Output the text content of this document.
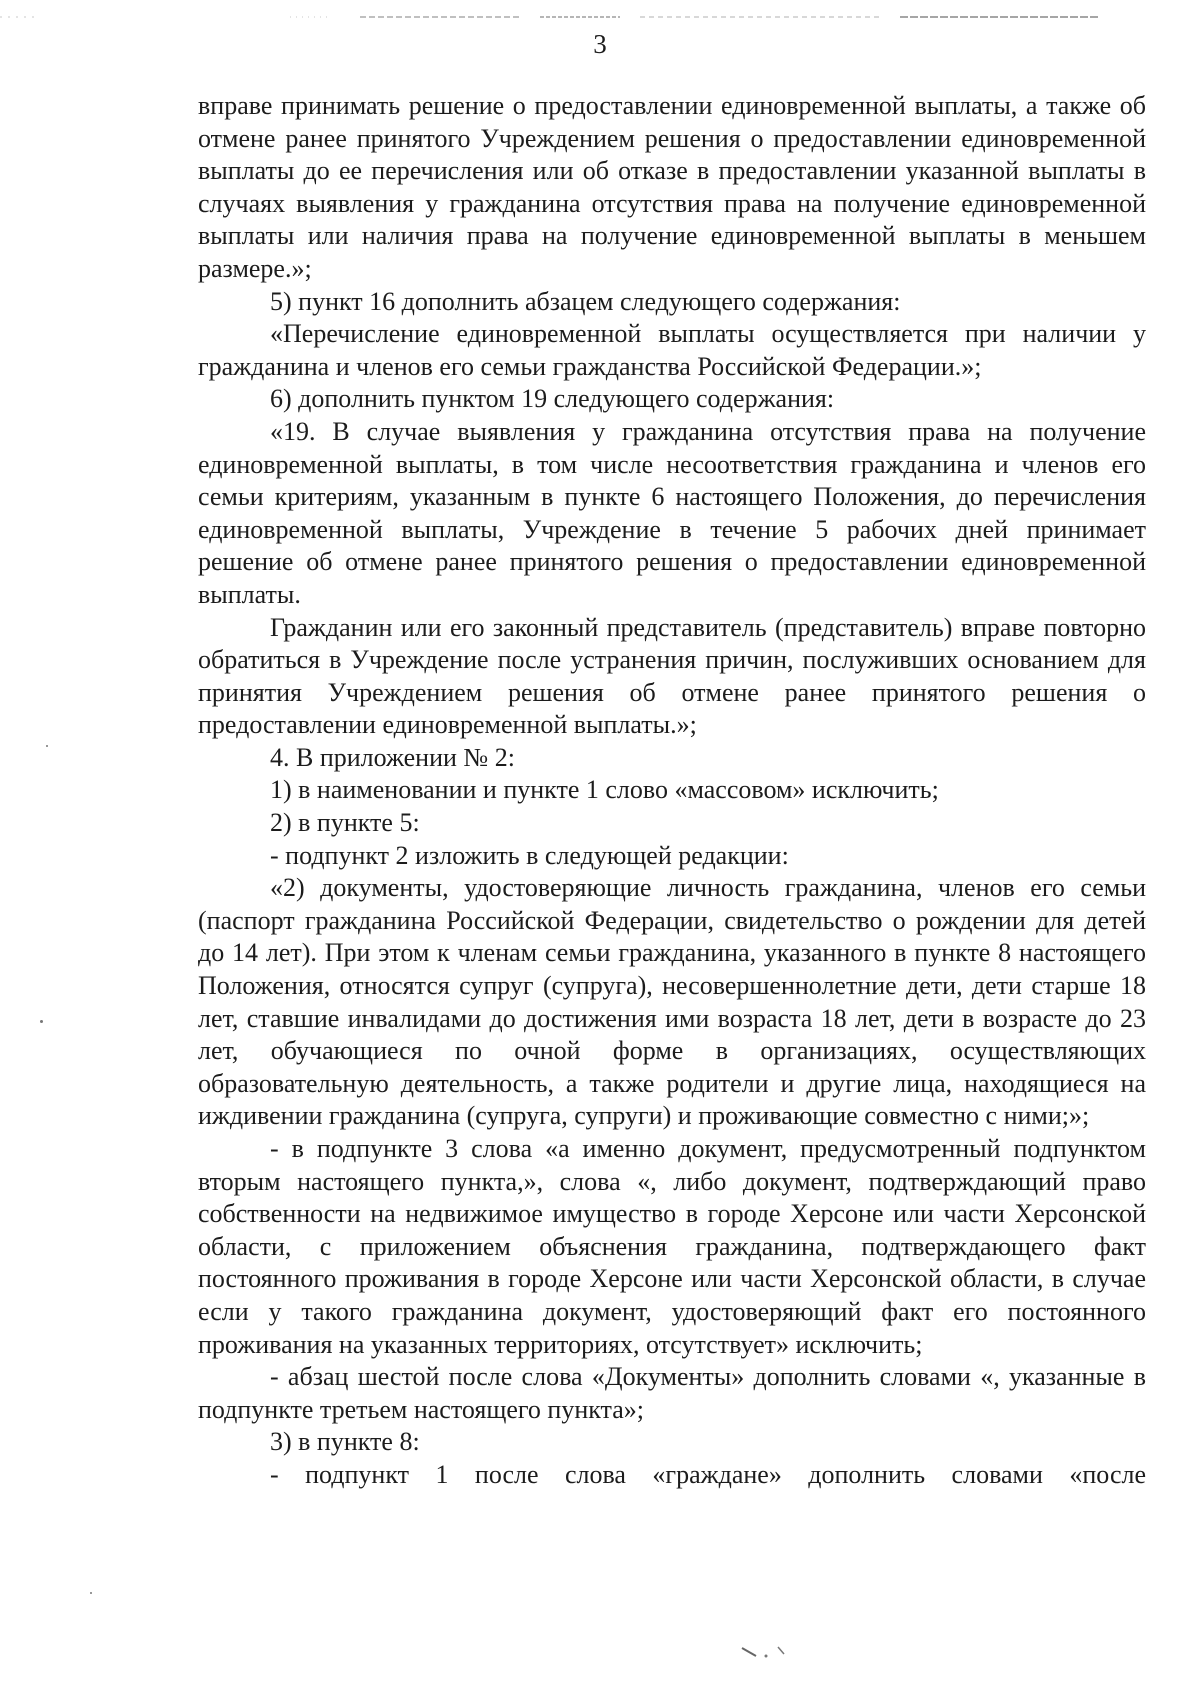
3

вправе принимать решение о предоставлении единовременной выплаты, а также об отмене ранее принятого Учреждением решения о предоставлении единовременной выплаты до ее перечисления или об отказе в предоставлении указанной выплаты в случаях выявления у гражданина отсутствия права на получение единовременной выплаты или наличия права на получение единовременной выплаты в меньшем размере.»;

5) пункт 16 дополнить абзацем следующего содержания:

«Перечисление единовременной выплаты осуществляется при наличии у гражданина и членов его семьи гражданства Российской Федерации.»;

6) дополнить пунктом 19 следующего содержания:

«19. В случае выявления у гражданина отсутствия права на получение единовременной выплаты, в том числе несоответствия гражданина и членов его семьи критериям, указанным в пункте 6 настоящего Положения, до перечисления единовременной выплаты, Учреждение в течение 5 рабочих дней принимает решение об отмене ранее принятого решения о предоставлении единовременной выплаты.

Гражданин или его законный представитель (представитель) вправе повторно обратиться в Учреждение после устранения причин, послуживших основанием для принятия Учреждением решения об отмене ранее принятого решения о предоставлении единовременной выплаты.»;

4. В приложении № 2:

1) в наименовании и пункте 1 слово «массовом» исключить;

2) в пункте 5:

- подпункт 2 изложить в следующей редакции:

«2) документы, удостоверяющие личность гражданина, членов его семьи (паспорт гражданина Российской Федерации, свидетельство о рождении для детей до 14 лет). При этом к членам семьи гражданина, указанного в пункте 8 настоящего Положения, относятся супруг (супруга), несовершеннолетние дети, дети старше 18 лет, ставшие инвалидами до достижения ими возраста 18 лет, дети в возрасте до 23 лет, обучающиеся по очной форме в организациях, осуществляющих образовательную деятельность, а также родители и другие лица, находящиеся на иждивении гражданина (супруга, супруги) и проживающие совместно с ними;»;

- в подпункте 3 слова «а именно документ, предусмотренный подпунктом вторым настоящего пункта,», слова «, либо документ, подтверждающий право собственности на недвижимое имущество в городе Херсоне или части Херсонской области, с приложением объяснения гражданина, подтверждающего факт постоянного проживания в городе Херсоне или части Херсонской области, в случае если у такого гражданина документ, удостоверяющий факт его постоянного проживания на указанных территориях, отсутствует» исключить;

- абзац шестой после слова «Документы» дополнить словами «, указанные в подпункте третьем настоящего пункта»;

3) в пункте 8:

- подпункт 1 после слова «граждане» дополнить словами «после
